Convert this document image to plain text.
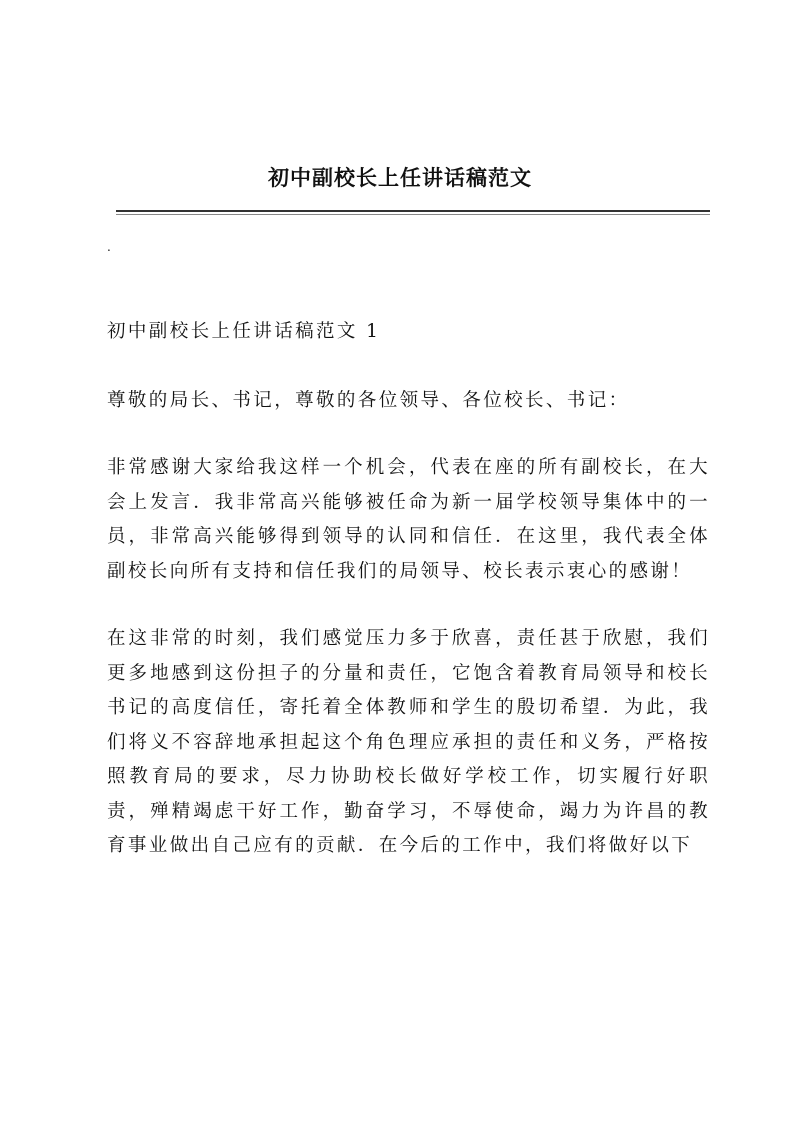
初中副校长上任讲话稿范文
.

初中副校长上任讲话稿范文 1

尊敬的局长、书记，尊敬的各位领导、各位校长、书记：

非常感谢大家给我这样一个机会，代表在座的所有副校长，在大会上发言．我非常高兴能够被任命为新一届学校领导集体中的一员，非常高兴能够得到领导的认同和信任．在这里，我代表全体副校长向所有支持和信任我们的局领导、校长表示衷心的感谢！

在这非常的时刻，我们感觉压力多于欣喜，责任甚于欣慰，我们更多地感到这份担子的分量和责任，它饱含着教育局领导和校长书记的高度信任，寄托着全体教师和学生的殷切希望．为此，我们将义不容辞地承担起这个角色理应承担的责任和义务，严格按照教育局的要求，尽力协助校长做好学校工作，切实履行好职责，殚精竭虑干好工作，勤奋学习，不辱使命，竭力为许昌的教育事业做出自己应有的贡献．在今后的工作中，我们将做好以下
